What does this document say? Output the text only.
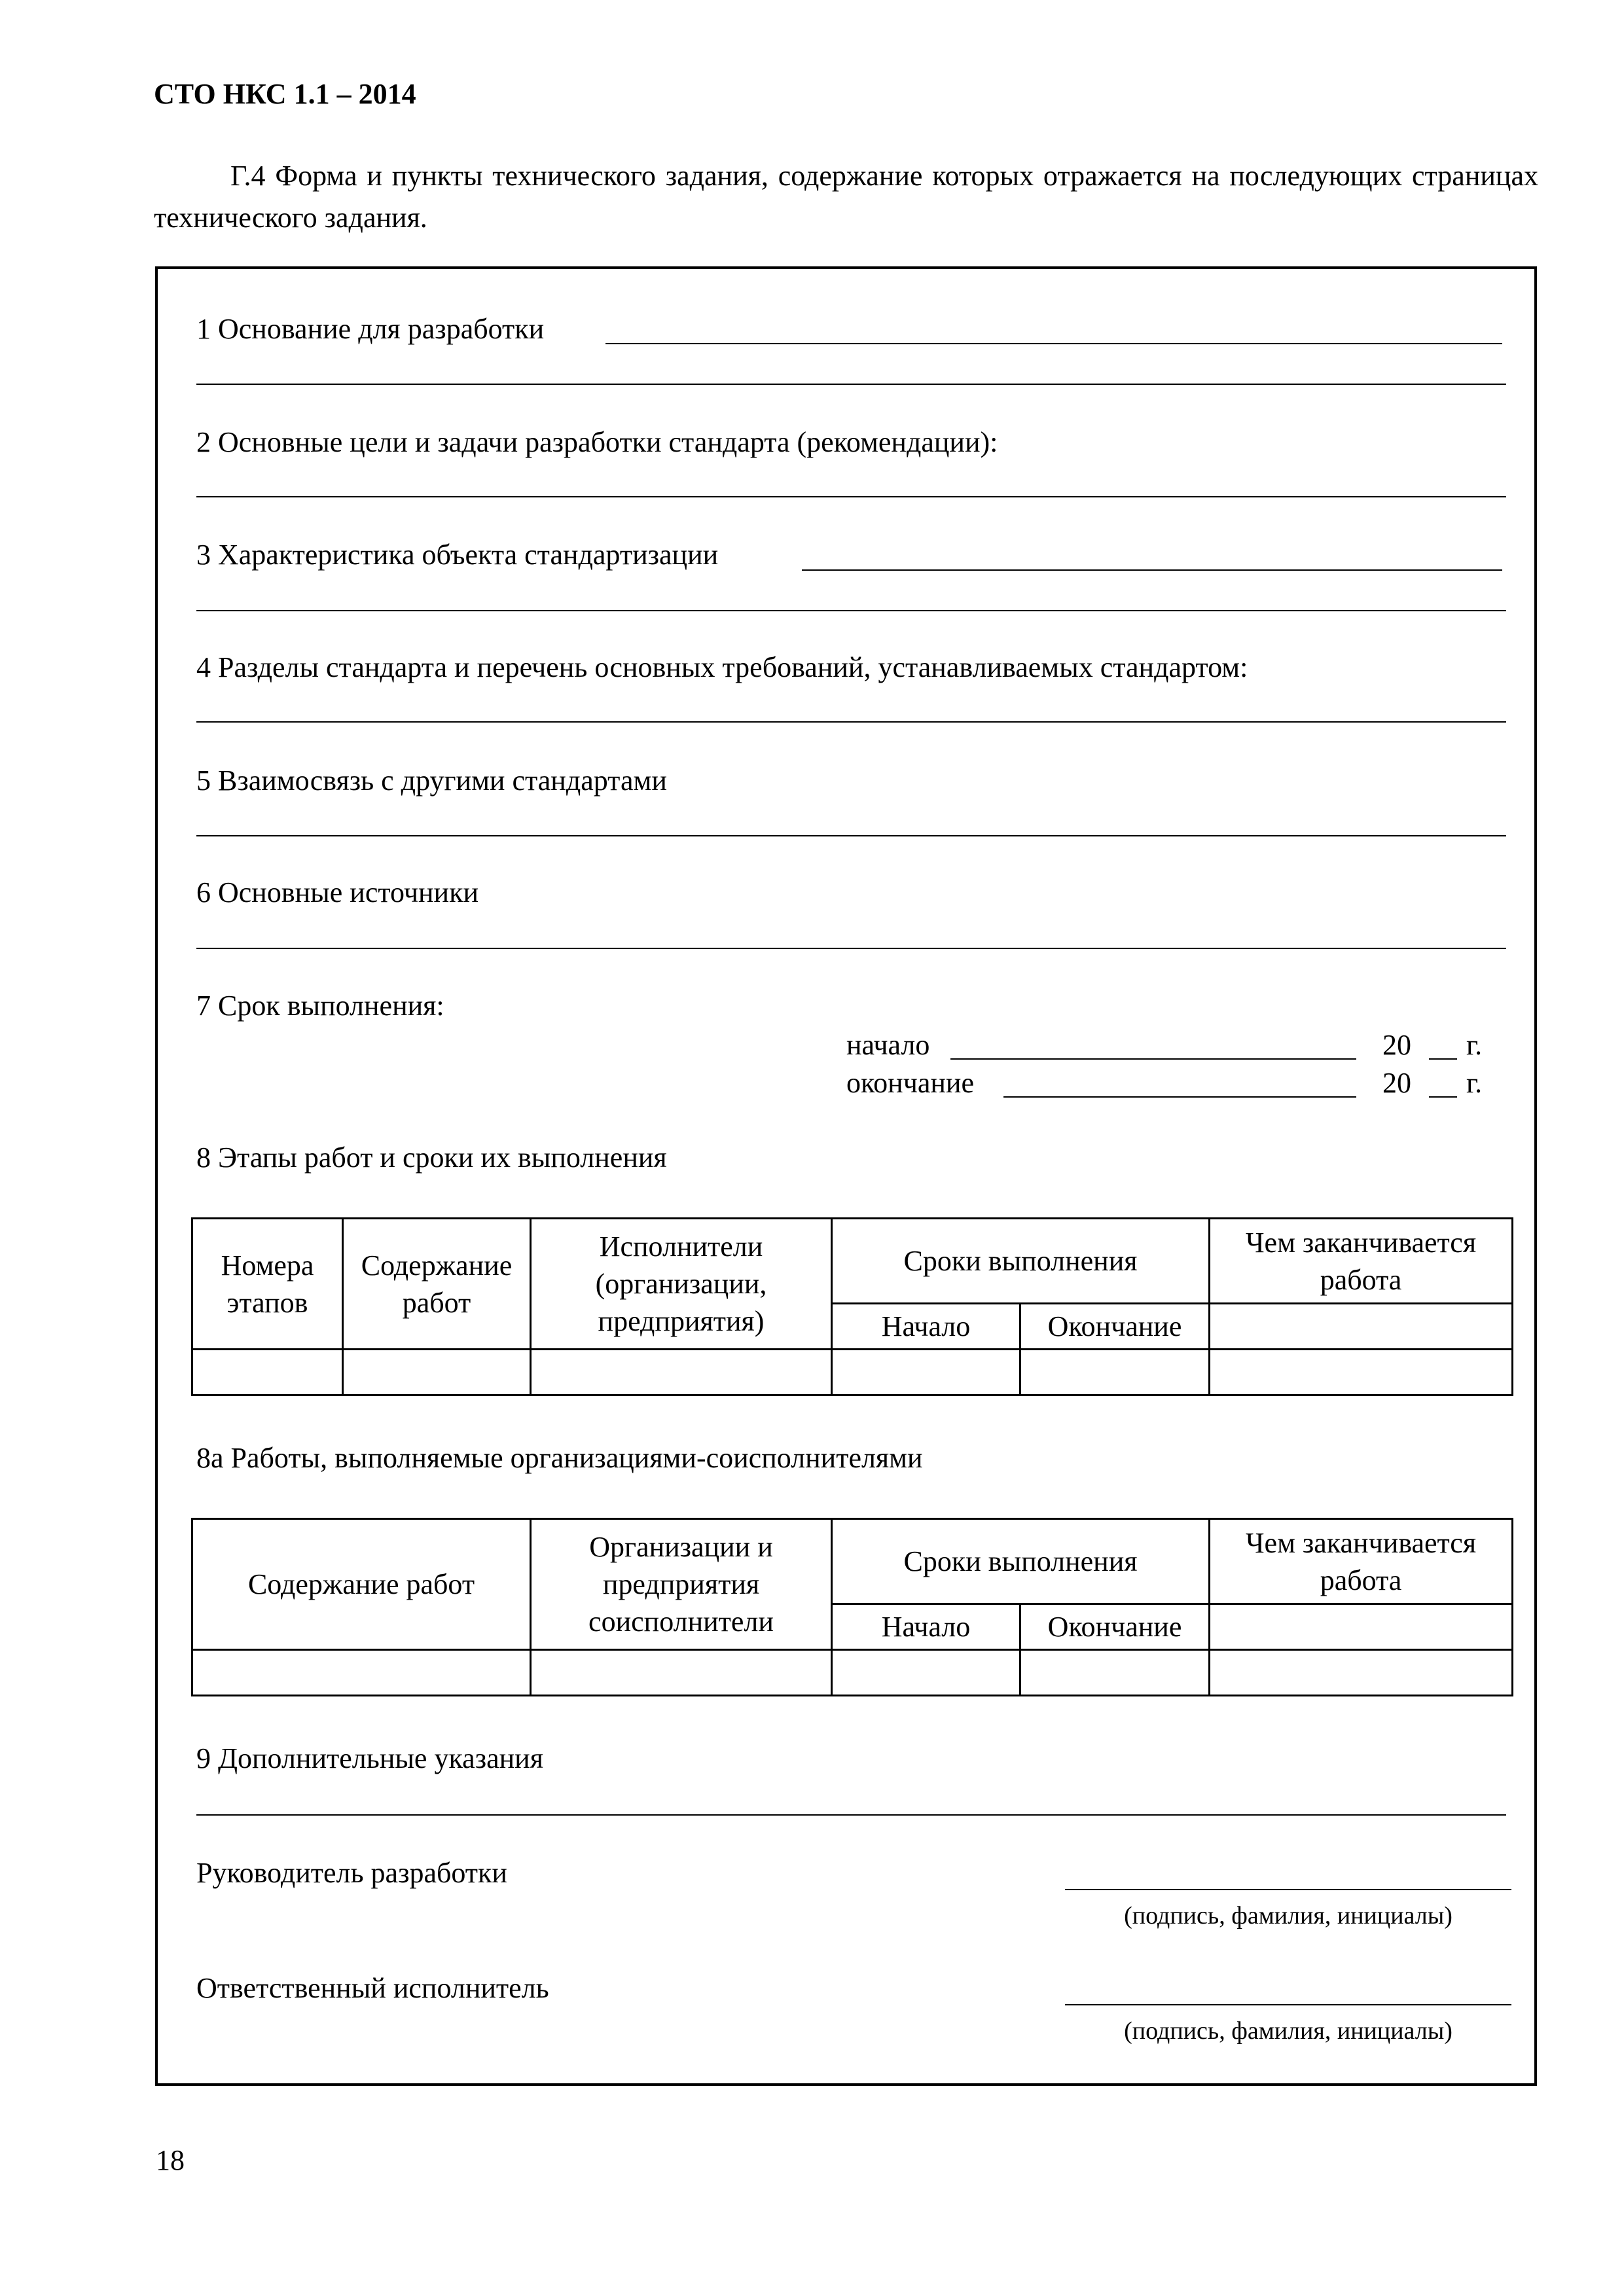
СТО НКС 1.1 – 2014
Г.4 Форма и пункты технического задания, содержание которых отражается на последующих страницах технического задания.
1 Основание для разработки
2 Основные цели и задачи разработки стандарта (рекомендации):
3 Характеристика объекта стандартизации
4 Разделы стандарта и перечень основных требований, устанавливаемых стандартом:
5 Взаимосвязь с другими стандартами
6 Основные источники
7 Срок выполнения:
начало	20 г.
окончание	20 г.
8 Этапы работ и сроки их выполнения
Номера этапов	Содержание работ	Исполнители (организации, предприятия)	Сроки выполнения		Чем заканчивается работа
			Начало	Окончание	

8а Работы, выполняемые организациями-соисполнителями
Содержание работ	Организации и предприятия соисполнители	Сроки выполнения		Чем заканчивается работа
		Начало	Окончание	

9 Дополнительные указания
Руководитель разработки
(подпись, фамилия, инициалы)
Ответственный исполнитель
(подпись, фамилия, инициалы)
18
